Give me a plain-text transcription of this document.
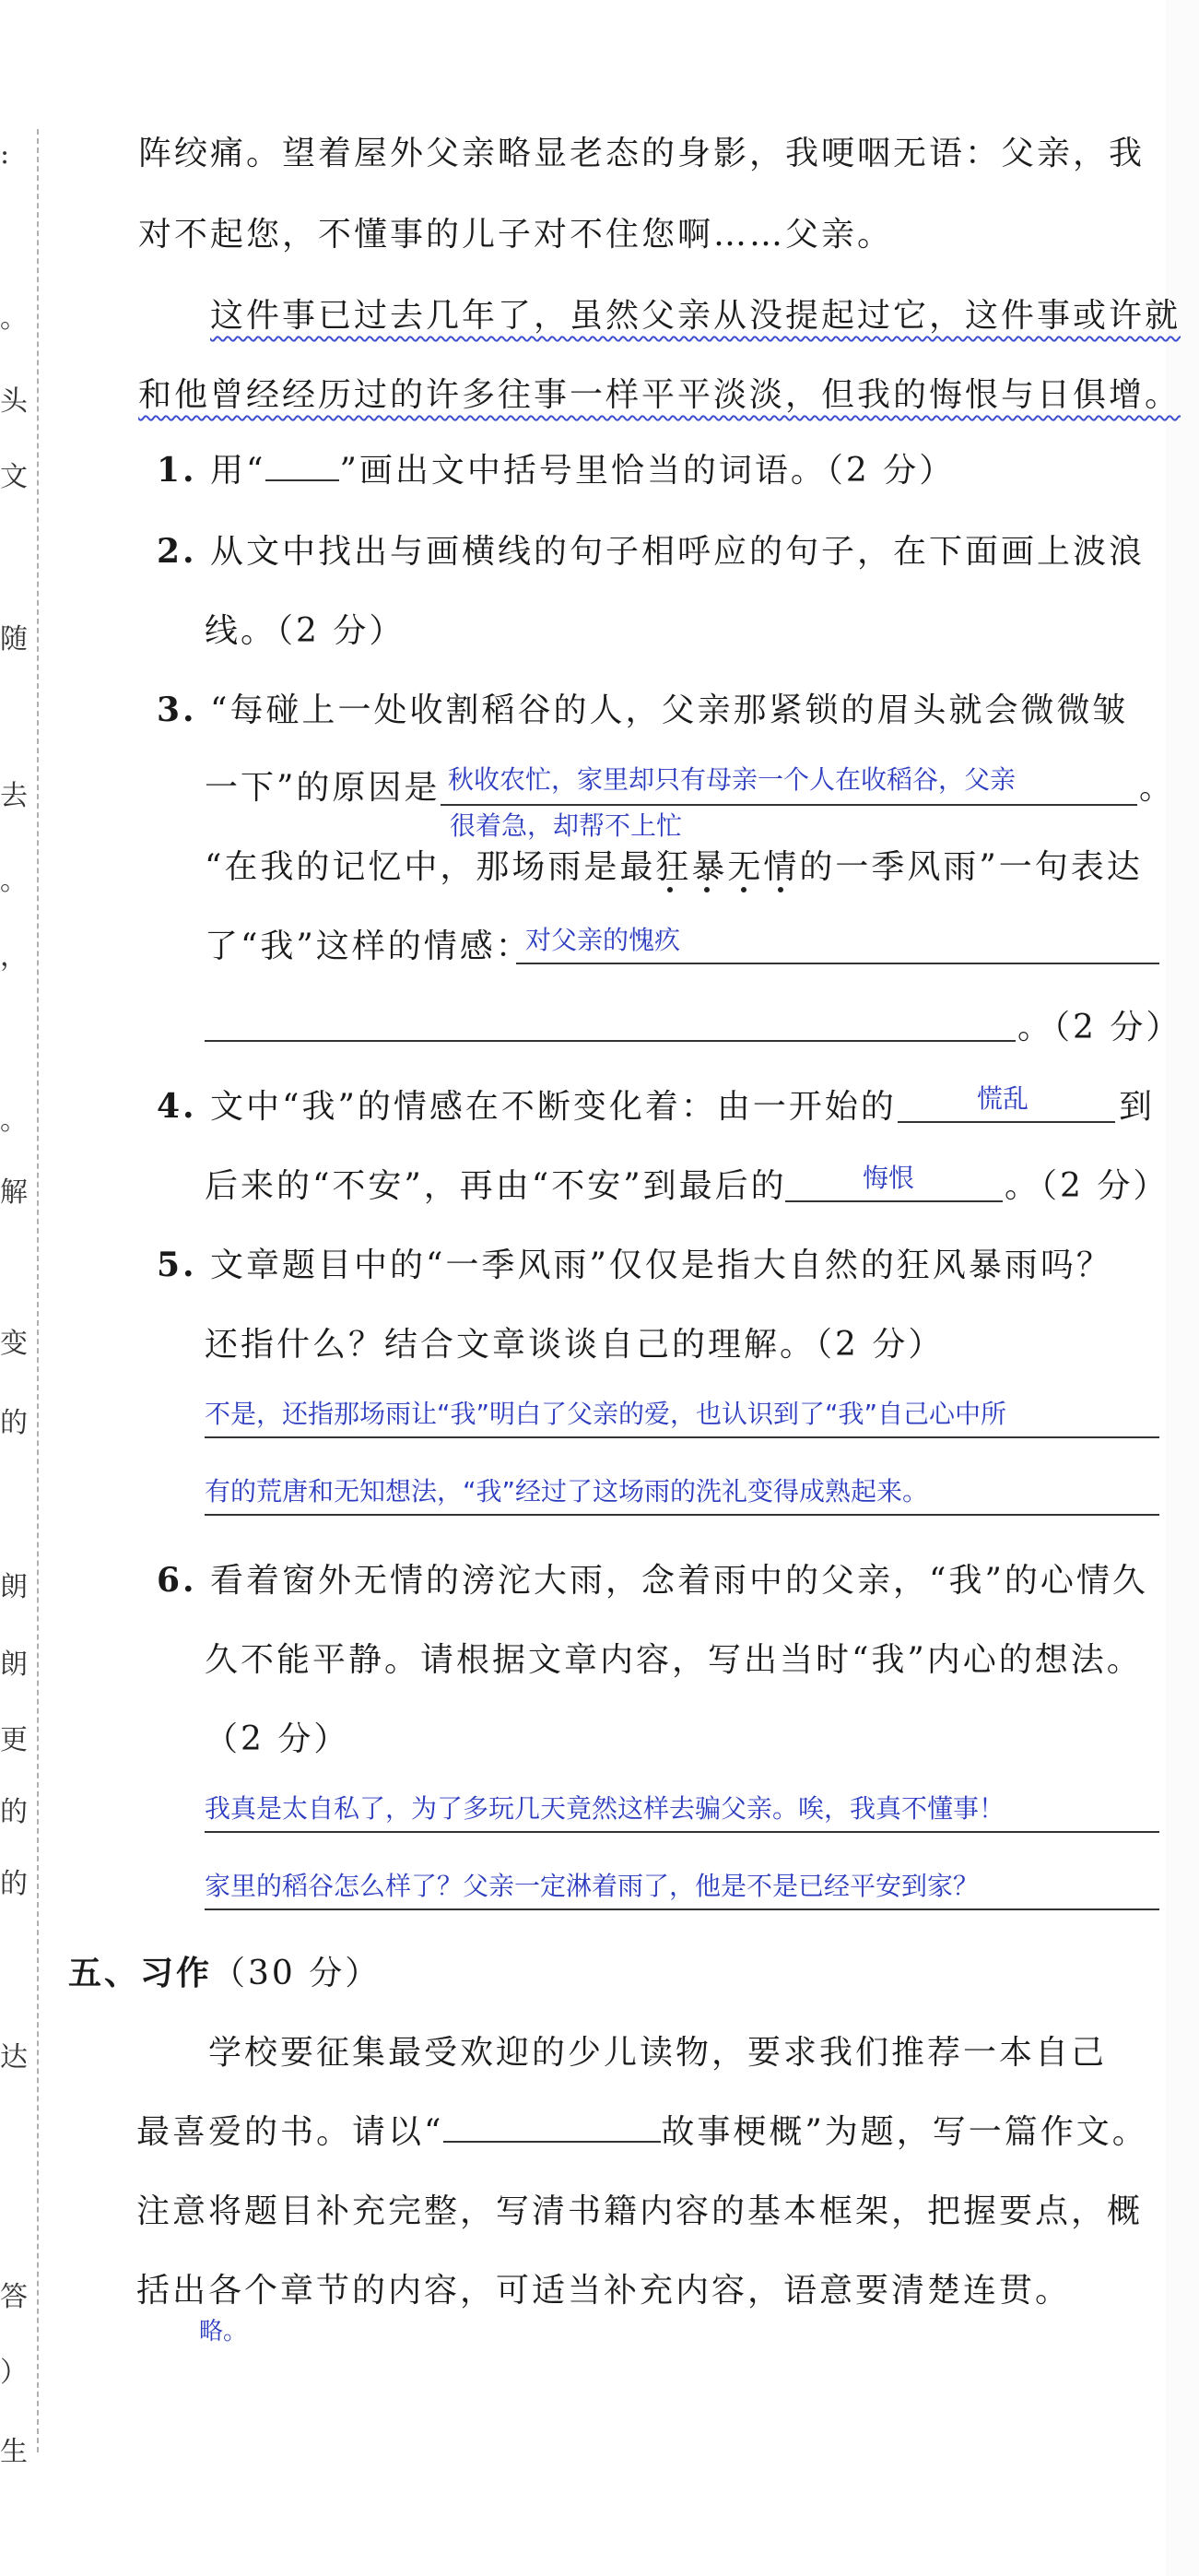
:
。
头
文
随
去
。
，
。
解
变
的
朗
朗
更
的
的
达
答
）
生
阵绞痛。望着屋外父亲略显老态的身影，我哽咽无语：父亲，我
对不起您，不懂事的儿子对不住您啊……父亲。
这件事已过去几年了，虽然父亲从没提起过它，这件事或许就
和他曾经经历过的许多往事一样平平淡淡，但我的悔恨与日俱增。
1. 用“ ”画出文中括号里恰当的词语。（2 分）
2. 从文中找出与画横线的句子相呼应的句子，在下面画上波浪
线。（2 分）
3. “每碰上一处收割稻谷的人，父亲那紧锁的眉头就会微微皱
一下”的原因是 秋收农忙，家里却只有母亲一个人在收稻谷，父亲	。
很着急，却帮不上忙
“在我的记忆中，那场雨是最狂暴无情的一季风雨”一句表达
了“我”这样的情感：
对父亲的愧疚
。（2 分）
4. 文中“我”的情感在不断变化着：由一开始的	慌乱	到
后来的“不安”，再由“不安”到最后的	悔恨	。（2 分）
5. 文章题目中的“一季风雨”仅仅是指大自然的狂风暴雨吗？
还指什么？结合文章谈谈自己的理解。（2 分）
不是，还指那场雨让“我”明白了父亲的爱，也认识到了“我”自己心中所
有的荒唐和无知想法，“我”经过了这场雨的洗礼变得成熟起来。
6. 看着窗外无情的滂沱大雨，念着雨中的父亲，“我”的心情久
久不能平静。请根据文章内容，写出当时“我”内心的想法。
（2 分）
我真是太自私了，为了多玩几天竟然这样去骗父亲。唉，我真不懂事！
家里的稻谷怎么样了？父亲一定淋着雨了，他是不是已经平安到家？
五、习作（30 分）
学校要征集最受欢迎的少儿读物，要求我们推荐一本自己
最喜爱的书。请以“	故事梗概”为题，写一篇作文。
注意将题目补充完整，写清书籍内容的基本框架，把握要点，概
括出各个章节的内容，可适当补充内容，语意要清楚连贯。
略。
